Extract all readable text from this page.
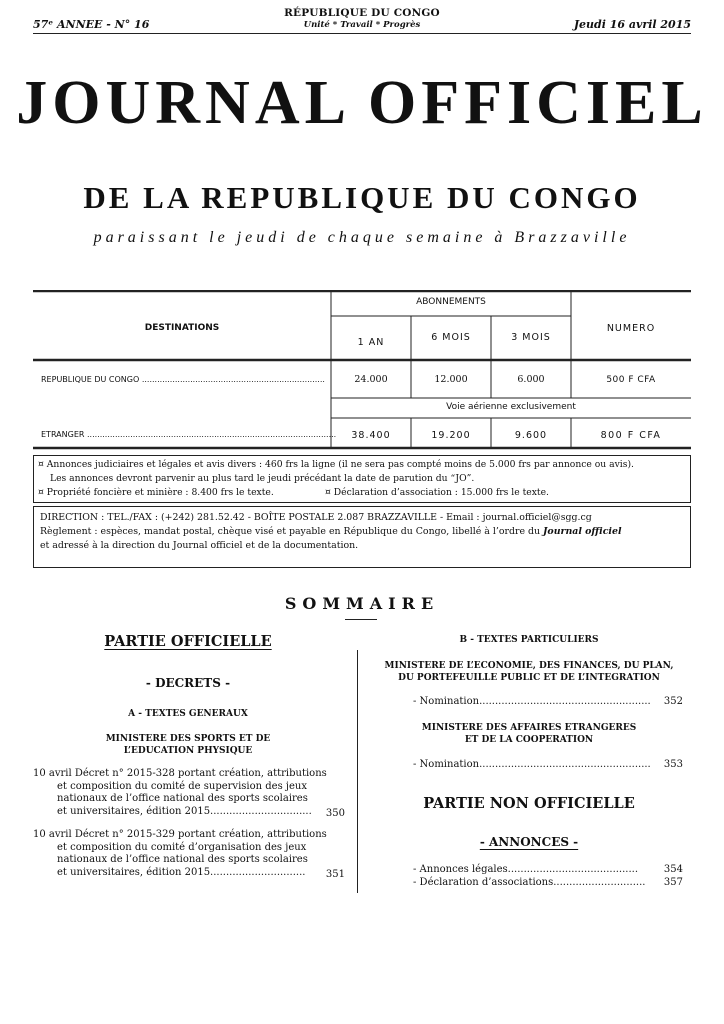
57ᵉ ANNEE - N° 16
RÉPUBLIQUE DU CONGO
Unité * Travail * Progrès	Jeudi 16 avril 2015
JOURNAL OFFICIEL
DE LA REPUBLIQUE DU CONGO
paraissant le jeudi de chaque semaine à Brazzaville
DESTINATIONS
ABONNEMENTS
NUMERO
1 AN	6 MOIS	3 MOIS
REPUBLIQUE DU CONGO ........................................................................	24.000	12.000	6.000	500 F CFA
Voie aérienne exclusivement
ETRANGER ..................................................................................................	38.400	19.200	9.600	800 F CFA
¤ Annonces judiciaires et légales et avis divers : 460 frs la ligne (il ne sera pas compté moins de 5.000 frs par annonce ou avis).
Les annonces devront parvenir au plus tard le jeudi précédant la date de parution du “JO”.
¤ Propriété foncière et minière : 8.400 frs le texte.	¤ Déclaration d’association : 15.000 frs le texte.
DIRECTION : TEL./FAX : (+242) 281.52.42 - BOÎTE POSTALE 2.087 BRAZZAVILLE - Email : journal.officiel@sgg.cg
Règlement : espèces, mandat postal, chèque visé et payable en République du Congo, libellé à l’ordre du Journal officiel
et adressé à la direction du Journal officiel et de la documentation.
SOMMAIRE
PARTIE OFFICIELLE
- DECRETS -
A - TEXTES GENERAUX
MINISTERE DES SPORTS ET DE
L’EDUCATION PHYSIQUE
10 avril Décret n° 2015-328 portant création, attributions
et composition du comité de supervision des jeux
nationaux de l’office national des sports scolaires
et universitaires, édition 2015................................ 350
10 avril Décret n° 2015-329 portant création, attributions
et composition du comité d’organisation des jeux
nationaux de l’office national des sports scolaires
et universitaires, édition 2015.............................. 351
B - TEXTES PARTICULIERS
MINISTERE DE L’ECONOMIE, DES FINANCES, DU PLAN,
DU PORTEFEUILLE PUBLIC ET DE L’INTEGRATION
- Nomination...................................................... 352
MINISTERE DES AFFAIRES ETRANGERES
ET DE LA COOPERATION
- Nomination...................................................... 353
PARTIE NON OFFICIELLE
- ANNONCES -
- Annonces légales.........................................	354
- Déclaration d’associations............................. 357
